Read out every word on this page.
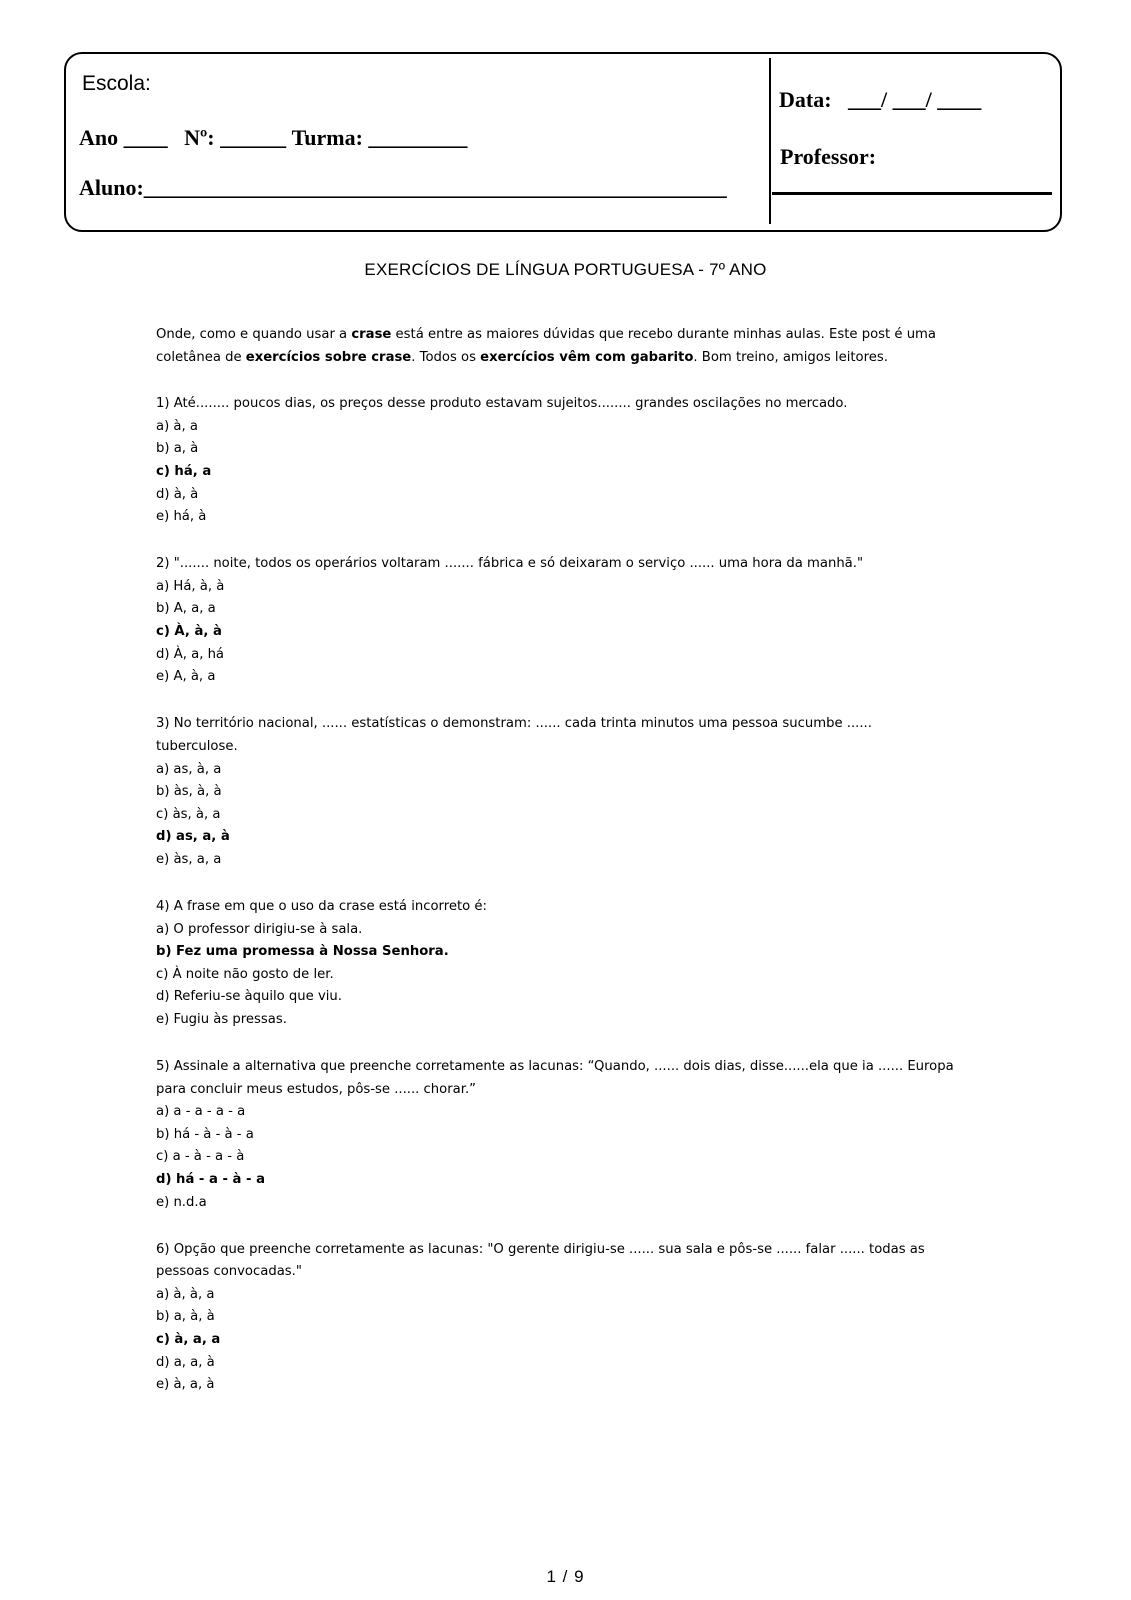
Escola:
Ano ____ Nº: ______ Turma: _________
Aluno:_____________________________________________________
Data: ___/ ___/ ____
Professor:
EXERCÍCIOS DE LÍNGUA PORTUGUESA - 7º ANO

Onde, como e quando usar a crase está entre as maiores dúvidas que recebo durante minhas aulas. Este post é uma coletânea de exercícios sobre crase. Todos os exercícios vêm com gabarito. Bom treino, amigos leitores.

1) Até........ poucos dias, os preços desse produto estavam sujeitos........ grandes oscilações no mercado.

a) à, a

b) a, à

c) há, a

d) à, à

e) há, à

2) "....... noite, todos os operários voltaram ....... fábrica e só deixaram o serviço ...... uma hora da manhã."

a) Há, à, à

b) A, a, a

c) À, à, à

d) À, a, há

e) A, à, a

3) No território nacional, ...... estatísticas o demonstram: ...... cada trinta minutos uma pessoa sucumbe ...... tuberculose.

a) as, à, a

b) às, à, à

c) às, à, a

d) as, a, à

e) às, a, a

4) A frase em que o uso da crase está incorreto é:

a) O professor dirigiu-se à sala.

b) Fez uma promessa à Nossa Senhora.

c) À noite não gosto de ler.

d) Referiu-se àquilo que viu.

e) Fugiu às pressas.

5) Assinale a alternativa que preenche corretamente as lacunas: “Quando, ...... dois dias, disse......ela que ia ...... Europa para concluir meus estudos, pôs-se ...... chorar.”

a) a - a - a - a

b) há - à - à - a

c) a - à - a - à

d) há - a - à - a

e) n.d.a

6) Opção que preenche corretamente as lacunas: "O gerente dirigiu-se ...... sua sala e pôs-se ...... falar ...... todas as pessoas convocadas."

a) à, à, a

b) a, à, à

c) à, a, a

d) a, a, à

e) à, a, à

1 / 9
